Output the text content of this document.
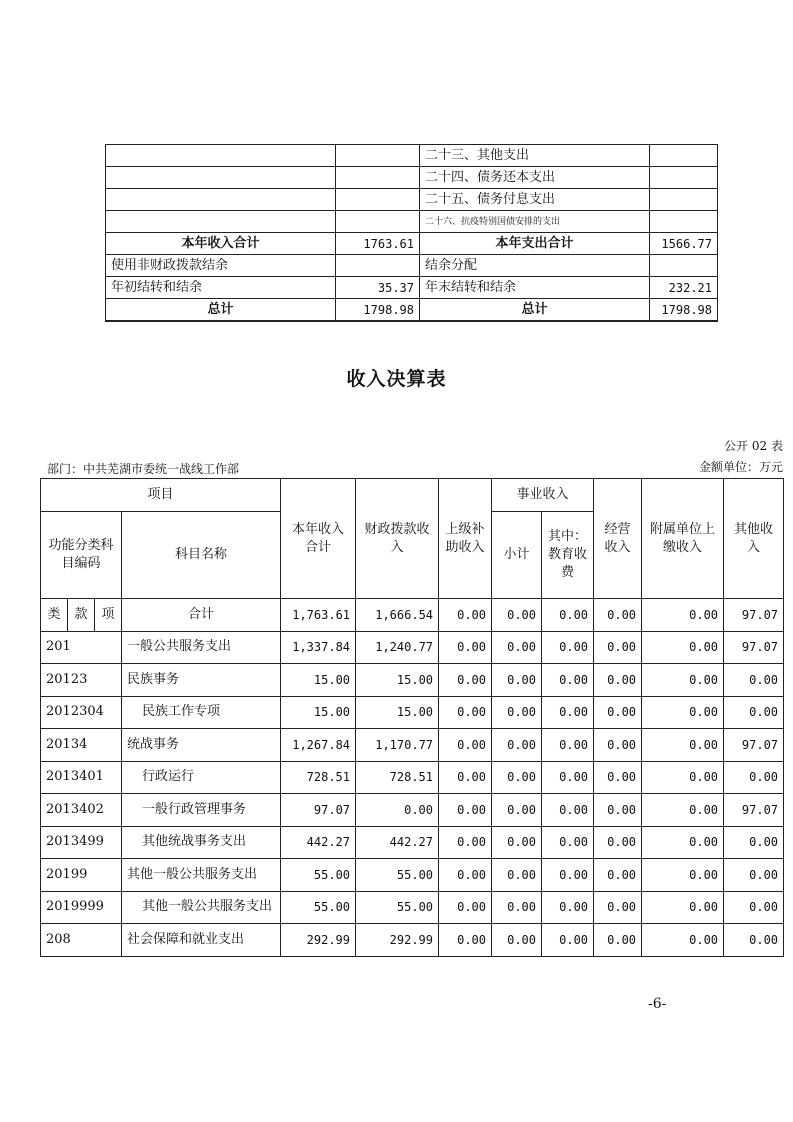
		二十三、其他支出	
		二十四、债务还本支出	
		二十五、债务付息支出	
		二十六、抗疫特别国债安排的支出	
本年收入合计	1763.61	本年支出合计	1566.77
使用非财政拨款结余		结余分配	
年初结转和结余	35.37	年末结转和结余	232.21
总计	1798.98	总计	1798.98
收入决算表
公开 02 表
部门：中共芜湖市委统一战线工作部	金额单位：万元
项目				本年收入合计	财政拨款收入	上级补助收入	事业收入		经营收入	附属单位上缴收入	其他收入
功能分类科目编码			科目名称				小计	其中：教育收费			

类	款	项	合计	1,763.61	1,666.54	0.00	0.00	0.00	0.00	0.00	97.07
201			一般公共服务支出	1,337.84	1,240.77	0.00	0.00	0.00	0.00	0.00	97.07
20123			民族事务	15.00	15.00	0.00	0.00	0.00	0.00	0.00	0.00
2012304			民族工作专项	15.00	15.00	0.00	0.00	0.00	0.00	0.00	0.00
20134			统战事务	1,267.84	1,170.77	0.00	0.00	0.00	0.00	0.00	97.07
2013401			行政运行	728.51	728.51	0.00	0.00	0.00	0.00	0.00	0.00
2013402			一般行政管理事务	97.07	0.00	0.00	0.00	0.00	0.00	0.00	97.07
2013499			其他统战事务支出	442.27	442.27	0.00	0.00	0.00	0.00	0.00	0.00
20199			其他一般公共服务支出	55.00	55.00	0.00	0.00	0.00	0.00	0.00	0.00
2019999			其他一般公共服务支出	55.00	55.00	0.00	0.00	0.00	0.00	0.00	0.00
208			社会保障和就业支出	292.99	292.99	0.00	0.00	0.00	0.00	0.00	0.00
-6-
